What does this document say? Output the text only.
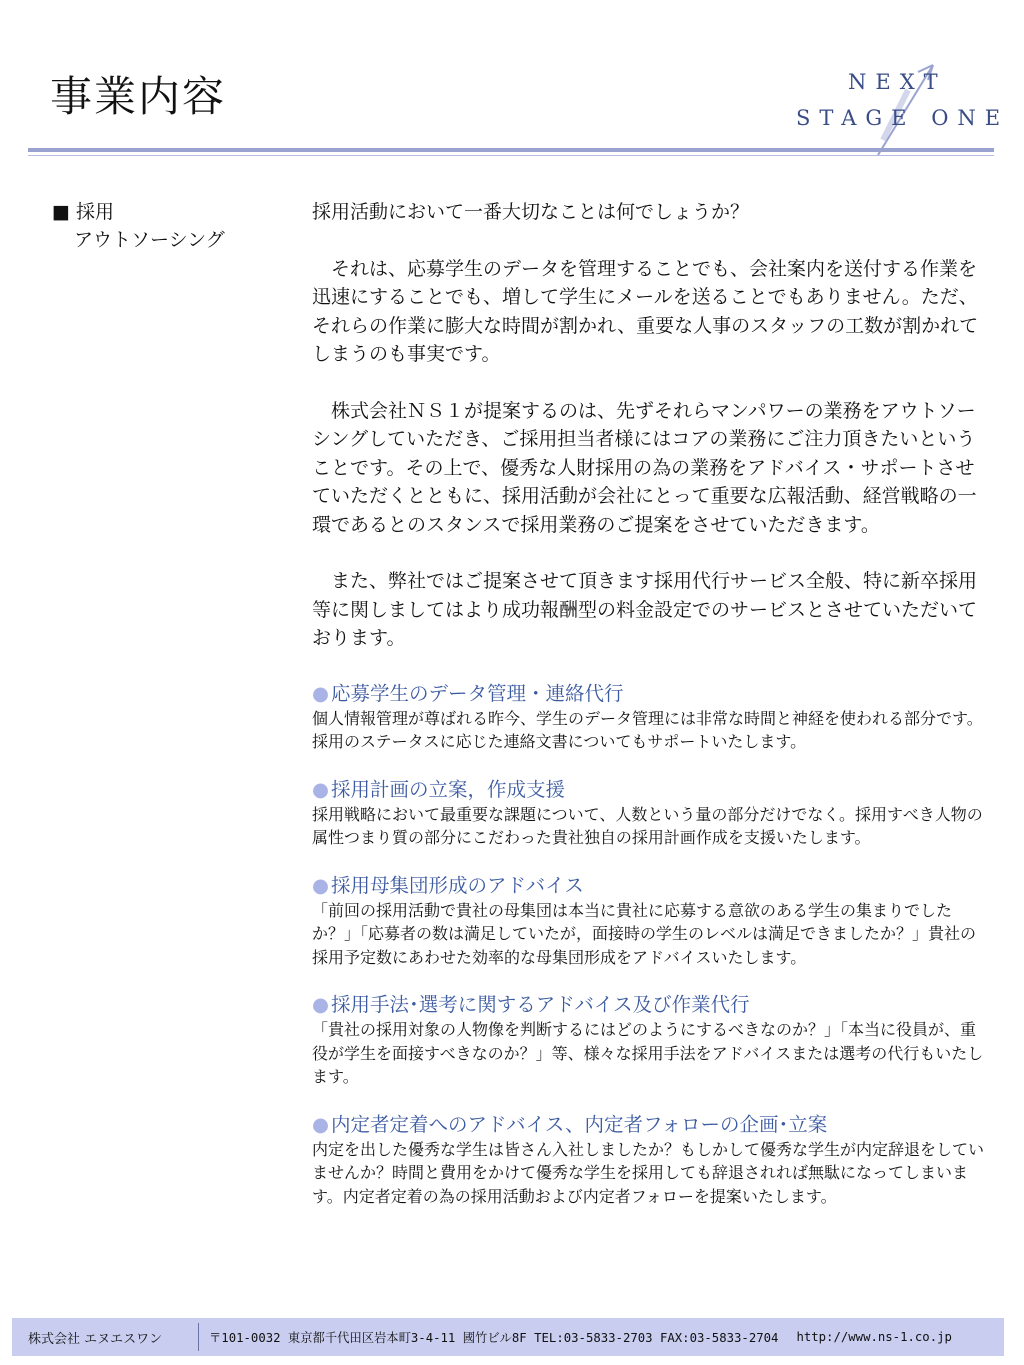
事業内容	NEXT
STAGE ONE
■ 採用
アウトソーシング

採用活動において一番大切なことは何でしょうか？

それは、応募学生のデータを管理することでも、会社案内を送付する作業を迅速にすることでも、増して学生にメールを送ることでもありません。ただ、それらの作業に膨大な時間が割かれ、重要な人事のスタッフの工数が割かれてしまうのも事実です。

株式会社ＮＳ１が提案するのは、先ずそれらマンパワーの業務をアウトソーシングしていただき、ご採用担当者様にはコアの業務にご注力頂きたいということです。その上で、優秀な人財採用の為の業務をアドバイス・サポートさせていただくとともに、採用活動が会社にとって重要な広報活動、経営戦略の一環であるとのスタンスで採用業務のご提案をさせていただきます。

また、弊社ではご提案させて頂きます採用代行サービス全般、特に新卒採用等に関しましてはより成功報酬型の料金設定でのサービスとさせていただいております。

● 応募学生のデータ管理・連絡代行

個人情報管理が尊ばれる昨今、学生のデータ管理には非常な時間と神経を使われる部分です。採用のステータスに応じた連絡文書についてもサポートいたします。

● 採用計画の立案，作成支援

採用戦略において最重要な課題について、人数という量の部分だけでなく。採用すべき人物の属性つまり質の部分にこだわった貴社独自の採用計画作成を支援いたします。

● 採用母集団形成のアドバイス

「前回の採用活動で貴社の母集団は本当に貴社に応募する意欲のある学生の集まりでしたか？」「応募者の数は満足していたが，面接時の学生のレベルは満足できましたか？」貴社の採用予定数にあわせた効率的な母集団形成をアドバイスいたします。

● 採用手法･選考に関するアドバイス及び作業代行

「貴社の採用対象の人物像を判断するにはどのようにするべきなのか？」「本当に役員が、重役が学生を面接すべきなのか？」等、様々な採用手法をアドバイスまたは選考の代行もいたします。

● 内定者定着へのアドバイス、内定者フォローの企画･立案

内定を出した優秀な学生は皆さん入社しましたか？もしかして優秀な学生が内定辞退をしていませんか？時間と費用をかけて優秀な学生を採用しても辞退されれば無駄になってしまいます。内定者定着の為の採用活動および内定者フォローを提案いたします。

株式会社 エヌエスワン	〒101-0032 東京都千代田区岩本町3-4-11 國竹ビル8F TEL:03-5833-2703 FAX:03-5833-2704 http://www.ns-1.co.jp
